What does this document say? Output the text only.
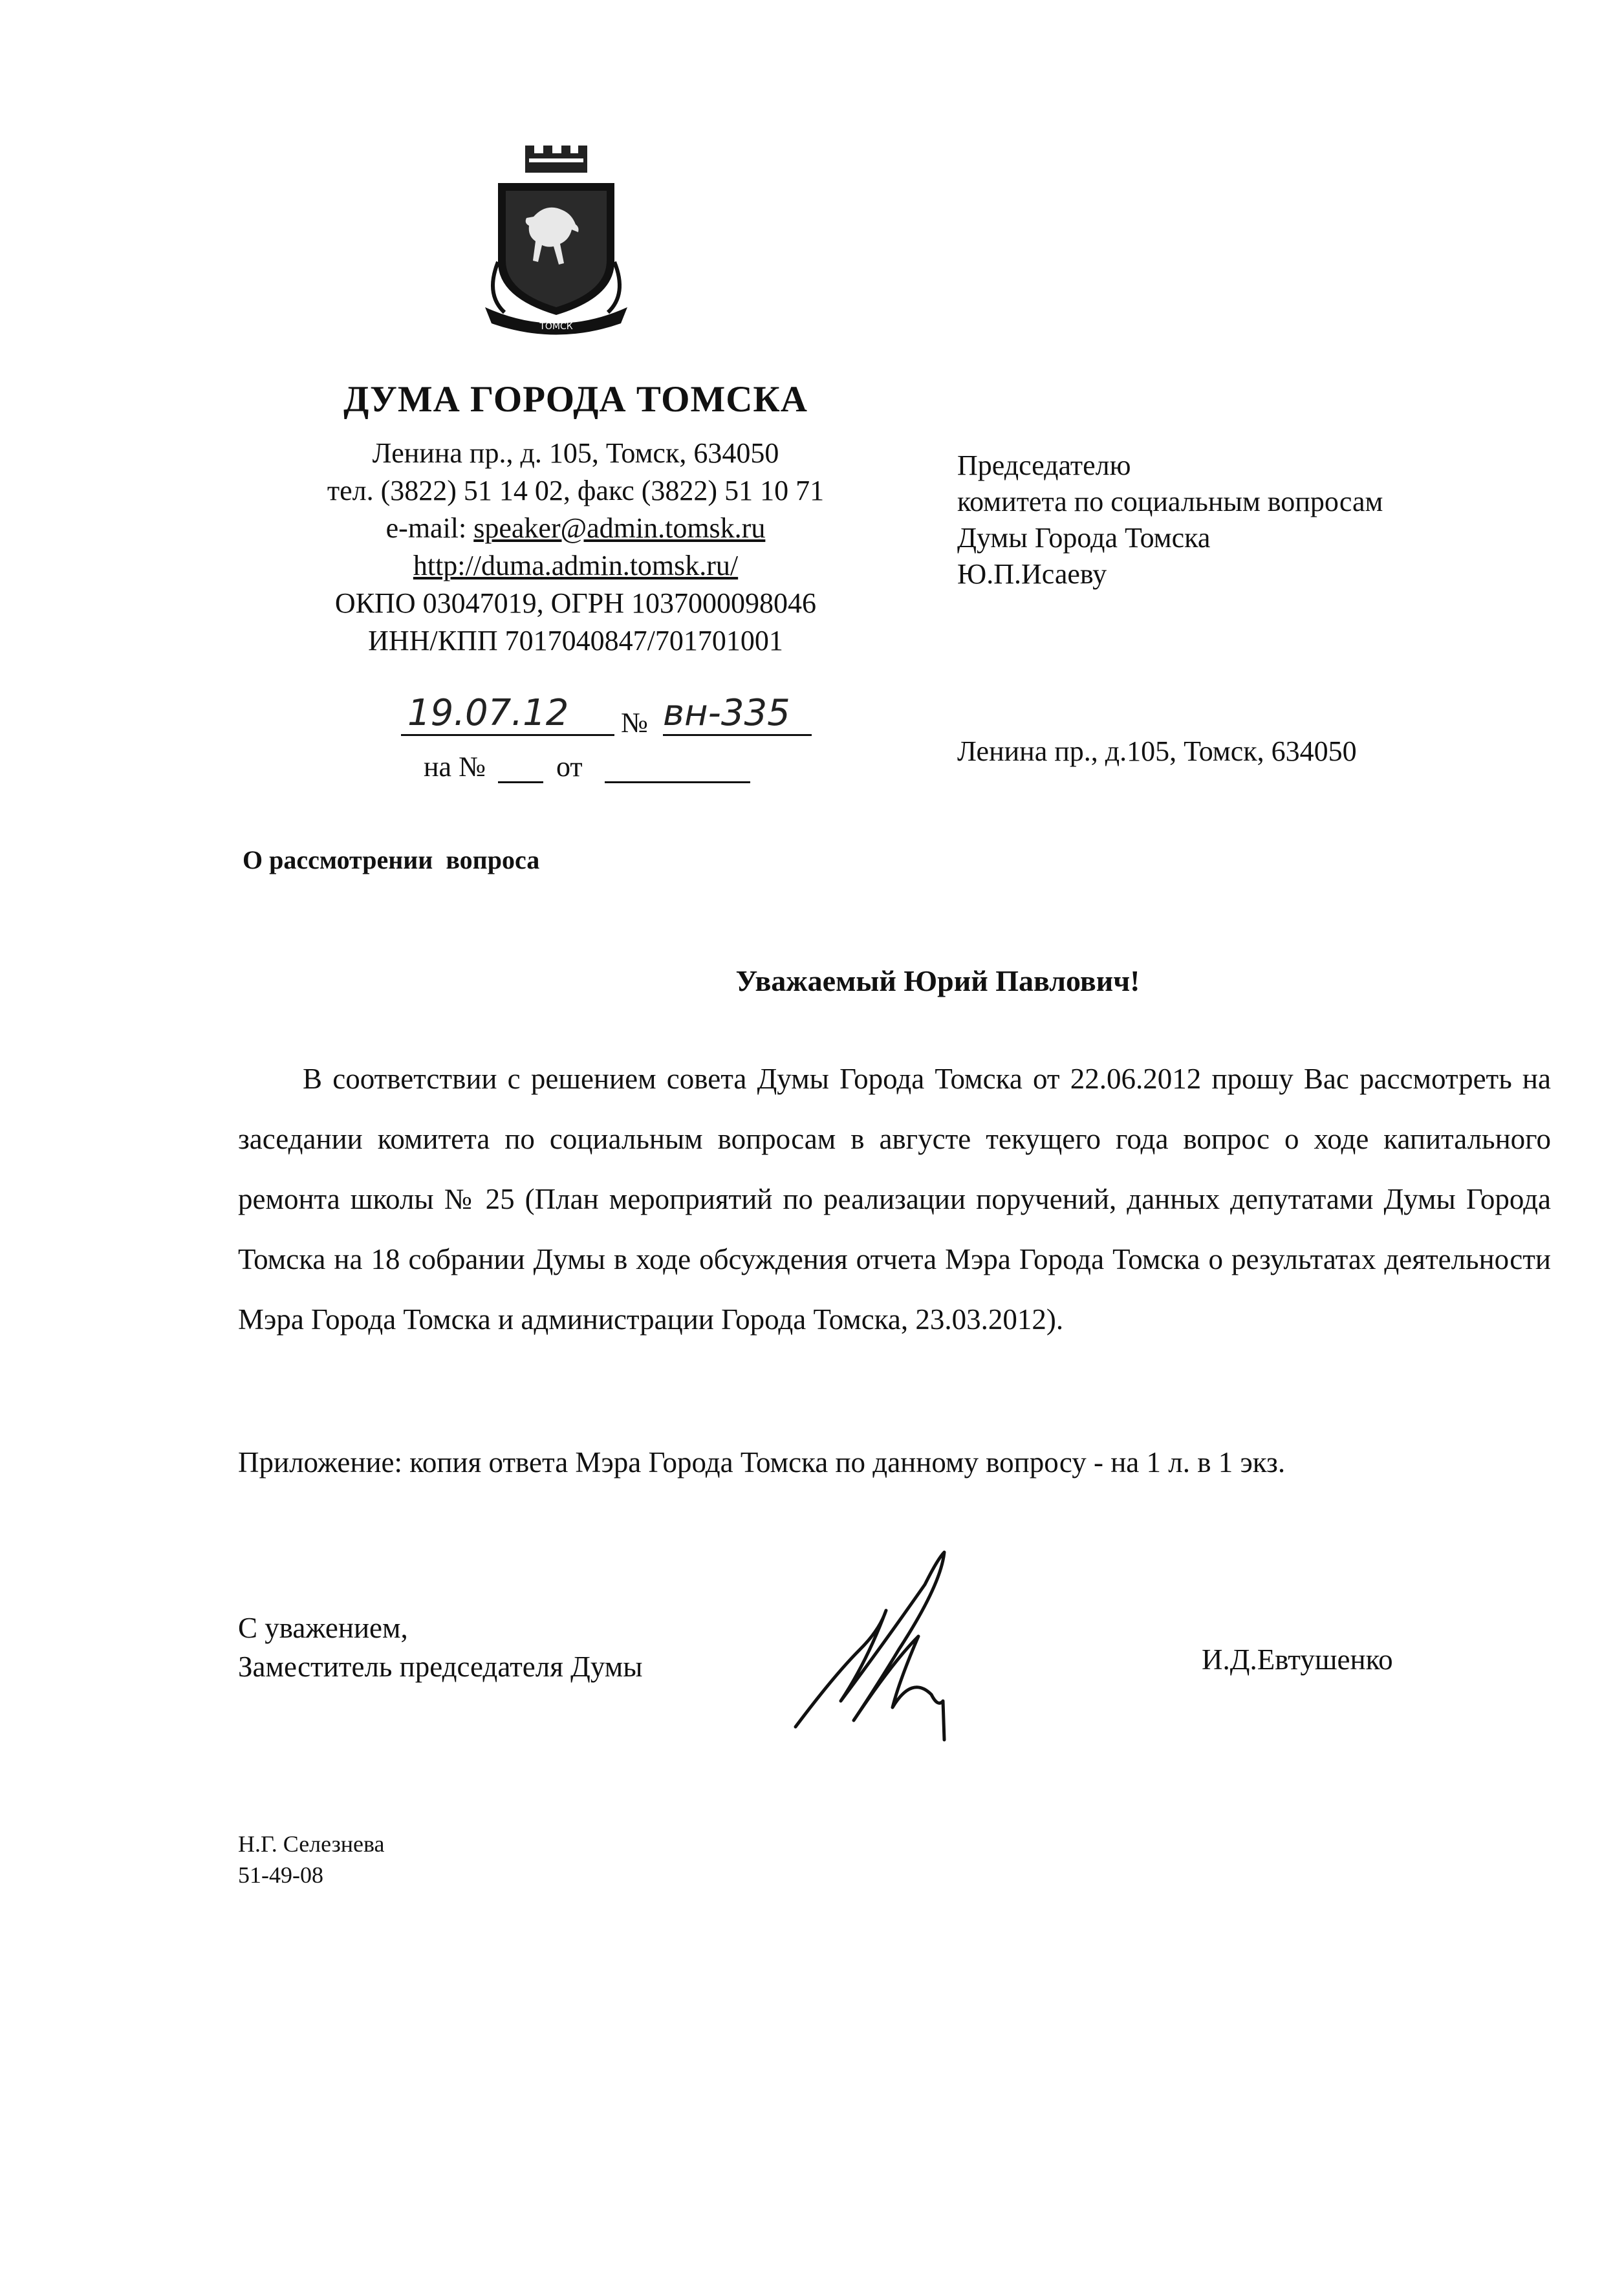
ТОМСК
ДУМА ГОРОДА ТОМСКА
Ленина пр., д. 105, Томск, 634050
тел. (3822) 51 14 02, факс (3822) 51 10 71
e-mail: speaker@admin.tomsk.ru
http://duma.admin.tomsk.ru/
ОКПО 03047019, ОГРН 1037000098046
ИНН/КПП 7017040847/701701001
19.07.12	№ вн-335
на № от
Председателю
комитета по социальным вопросам
Думы Города Томска
Ю.П.Исаеву
Ленина пр., д.105, Томск, 634050
О рассмотрении  вопроса
Уважаемый Юрий Павлович!
В соответствии с решением совета Думы Города Томска от 22.06.2012 прошу Вас рассмотреть на заседании комитета по социальным вопросам в августе текущего года вопрос о ходе капитального ремонта школы № 25 (План мероприятий по реализации поручений, данных депутатами Думы Города Томска на 18 собрании Думы в ходе обсуждения отчета Мэра Города Томска о результатах деятельности Мэра Города Томска и администрации Города Томска, 23.03.2012).
Приложение: копия ответа Мэра Города Томска по данному вопросу - на 1 л. в 1 экз.
С уважением,
Заместитель председателя Думы	И.Д.Евтушенко
Н.Г. Селезнева
51-49-08
